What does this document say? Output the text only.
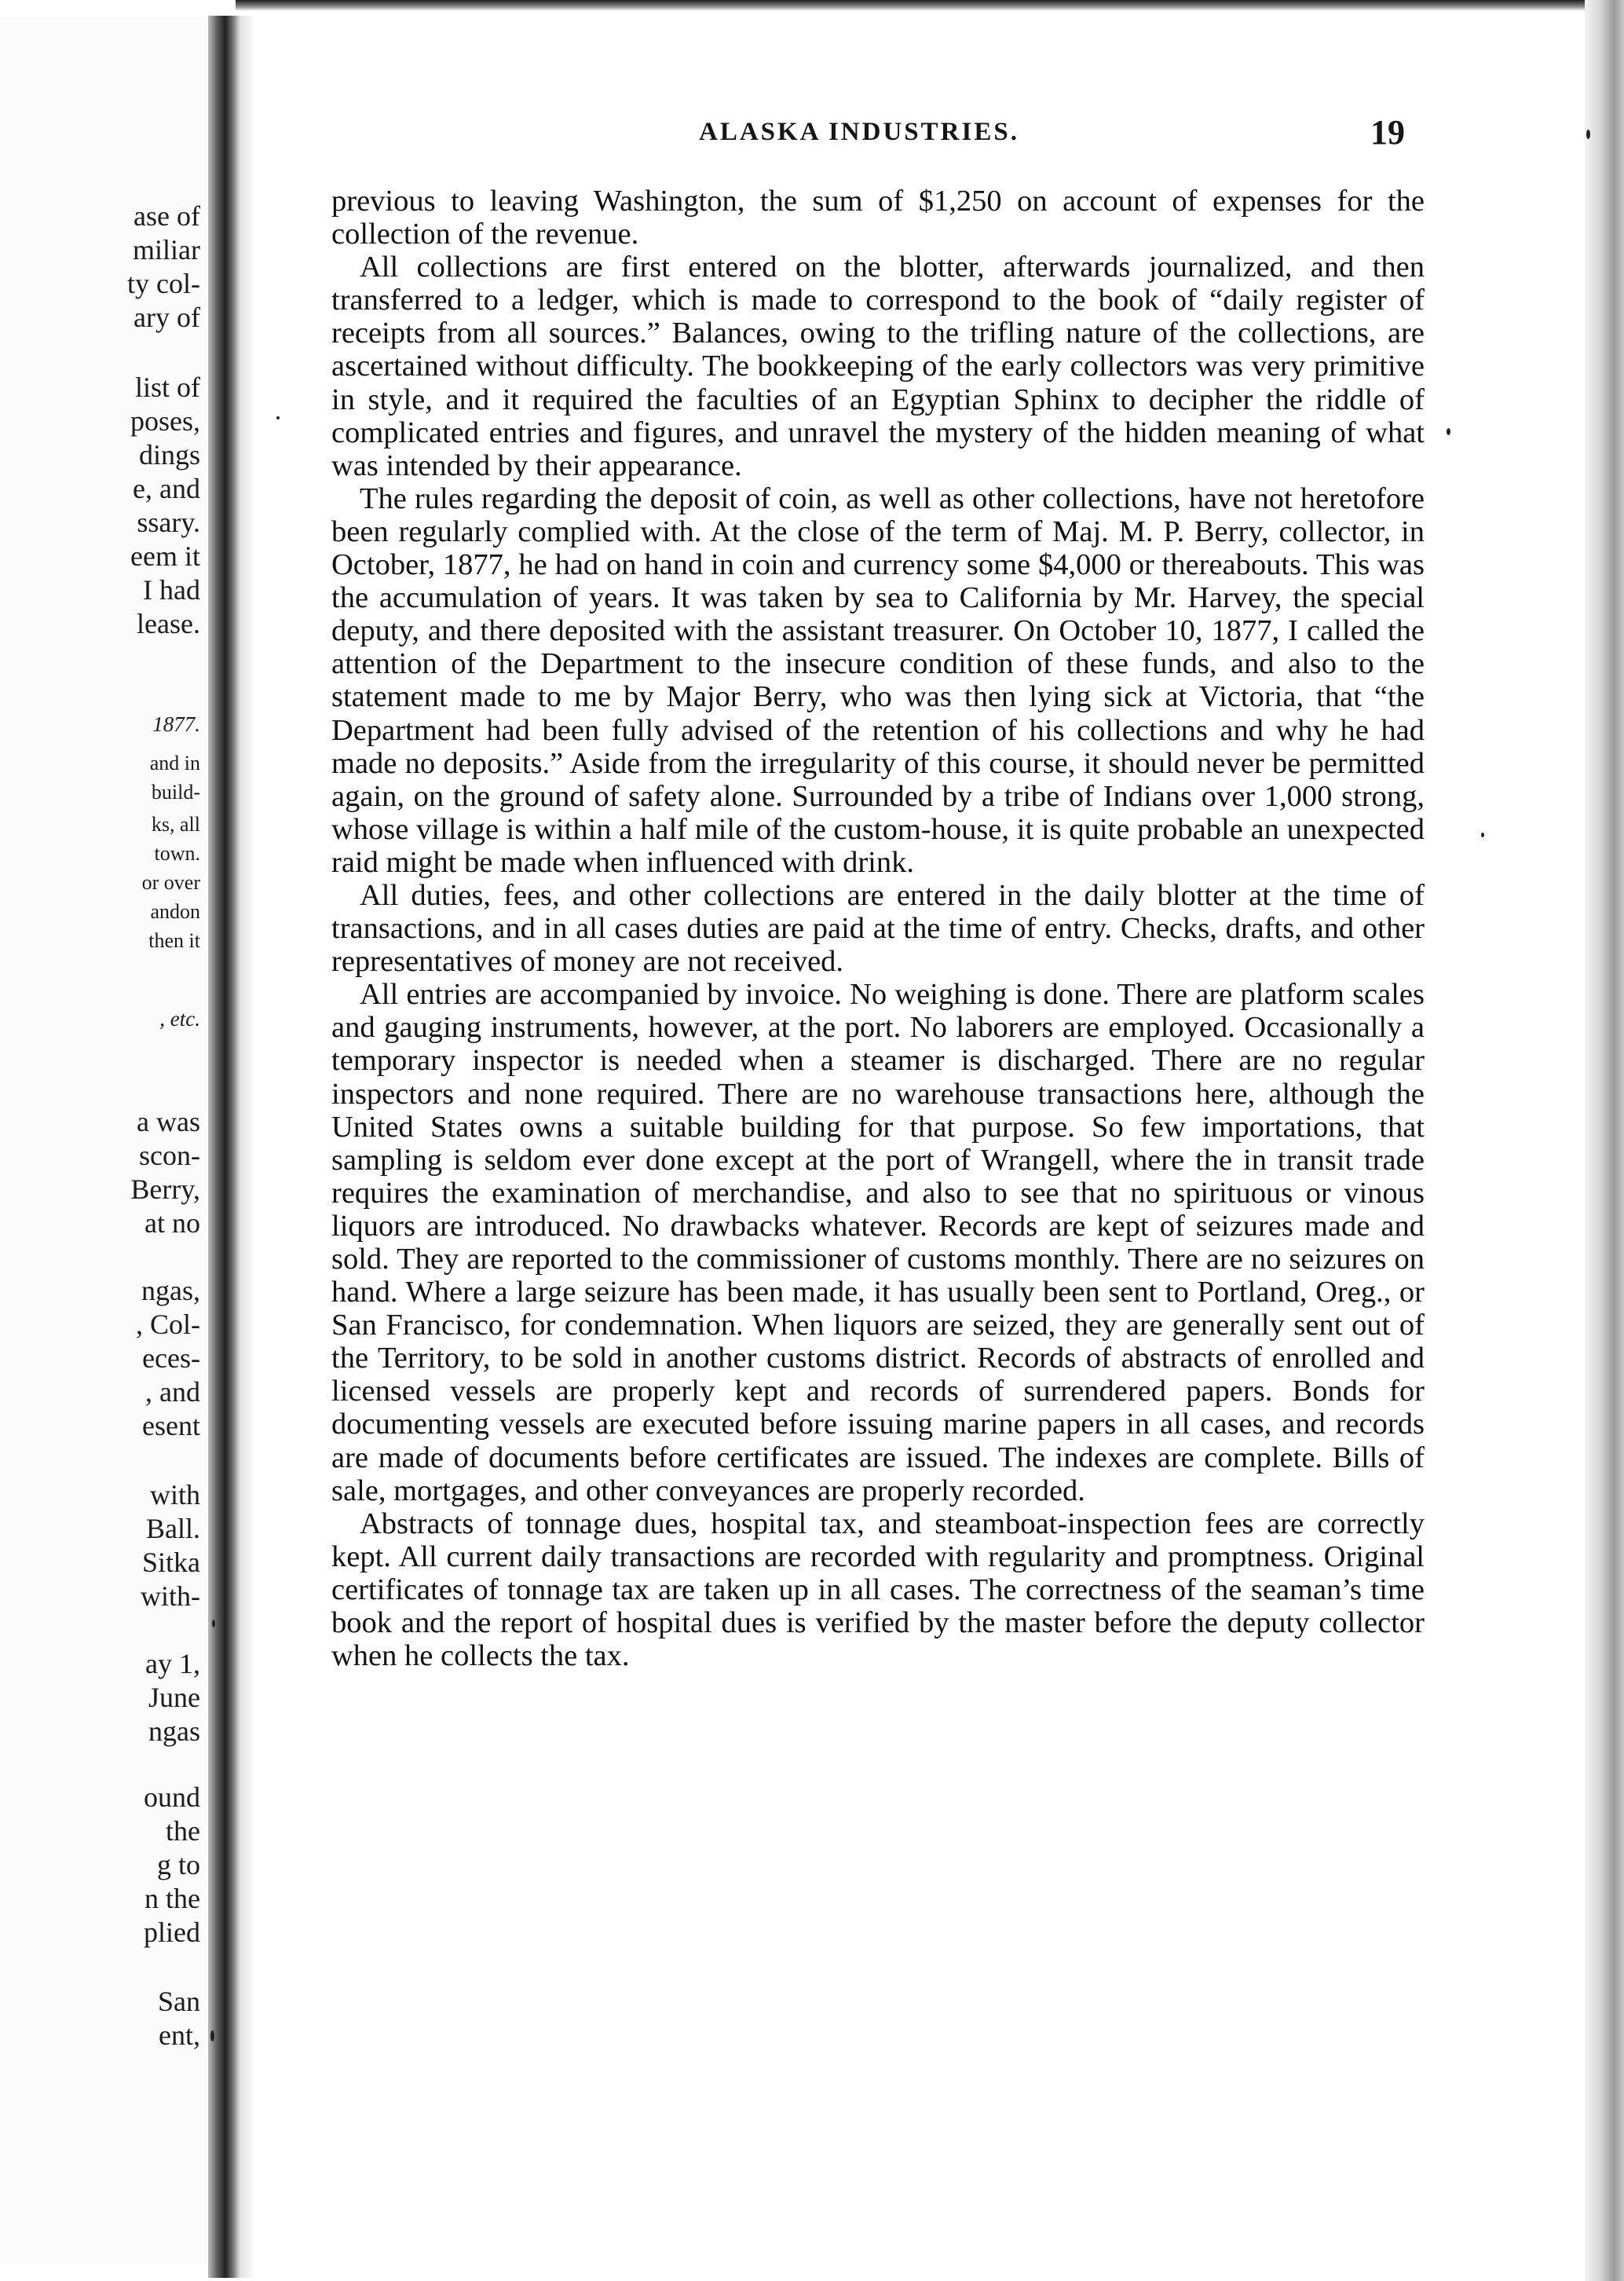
ase of
miliar
ty col-
ary of
list of
poses,
dings
e, and
ssary.
eem it
I had
lease.
1877.
and in
build-
ks, all
town.
or over
andon
then it
, etc.
a was
scon-
Berry,
at no
ngas,
, Col-
eces-
, and
esent
with
Ball.
Sitka
with-
ay 1,
June
ngas
ound
the
g to
n the
plied
San
ent,
ALASKA INDUSTRIES.	19

previous to leaving Washington, the sum of $1,250 on account of expenses for the collection of the revenue.

All collections are first entered on the blotter, afterwards journalized, and then transferred to a ledger, which is made to correspond to the book of “daily register of receipts from all sources.” Balances, owing to the trifling nature of the collections, are ascertained without difficulty. The bookkeeping of the early collectors was very primitive in style, and it required the faculties of an Egyptian Sphinx to decipher the riddle of complicated entries and figures, and unravel the mystery of the hidden meaning of what was intended by their appearance.

The rules regarding the deposit of coin, as well as other collections, have not heretofore been regularly complied with. At the close of the term of Maj. M. P. Berry, collector, in October, 1877, he had on hand in coin and currency some $4,000 or thereabouts. This was the accumulation of years. It was taken by sea to California by Mr. Harvey, the special deputy, and there deposited with the assistant treasurer. On October 10, 1877, I called the attention of the Department to the insecure condition of these funds, and also to the statement made to me by Major Berry, who was then lying sick at Victoria, that “the Department had been fully advised of the retention of his collections and why he had made no deposits.” Aside from the irregularity of this course, it should never be permitted again, on the ground of safety alone. Surrounded by a tribe of Indians over 1,000 strong, whose village is within a half mile of the custom-house, it is quite probable an unexpected raid might be made when influenced with drink.

All duties, fees, and other collections are entered in the daily blotter at the time of transactions, and in all cases duties are paid at the time of entry. Checks, drafts, and other representatives of money are not received.

All entries are accompanied by invoice. No weighing is done. There are platform scales and gauging instruments, however, at the port. No laborers are employed. Occasionally a temporary inspector is needed when a steamer is discharged. There are no regular inspectors and none required. There are no warehouse transactions here, although the United States owns a suitable building for that purpose. So few importations, that sampling is seldom ever done except at the port of Wrangell, where the in transit trade requires the examination of merchandise, and also to see that no spirituous or vinous liquors are introduced. No drawbacks whatever. Records are kept of seizures made and sold. They are reported to the commissioner of customs monthly. There are no seizures on hand. Where a large seizure has been made, it has usually been sent to Portland, Oreg., or San Francisco, for condemnation. When liquors are seized, they are generally sent out of the Territory, to be sold in another customs district. Records of abstracts of enrolled and licensed vessels are properly kept and records of surrendered papers. Bonds for documenting vessels are executed before issuing marine papers in all cases, and records are made of documents before certificates are issued. The indexes are complete. Bills of sale, mortgages, and other conveyances are properly recorded.

Abstracts of tonnage dues, hospital tax, and steamboat-inspection fees are correctly kept. All current daily transactions are recorded with regularity and promptness. Original certificates of tonnage tax are taken up in all cases. The correctness of the seaman’s time book and the report of hospital dues is verified by the master before the deputy collector when he collects the tax.
